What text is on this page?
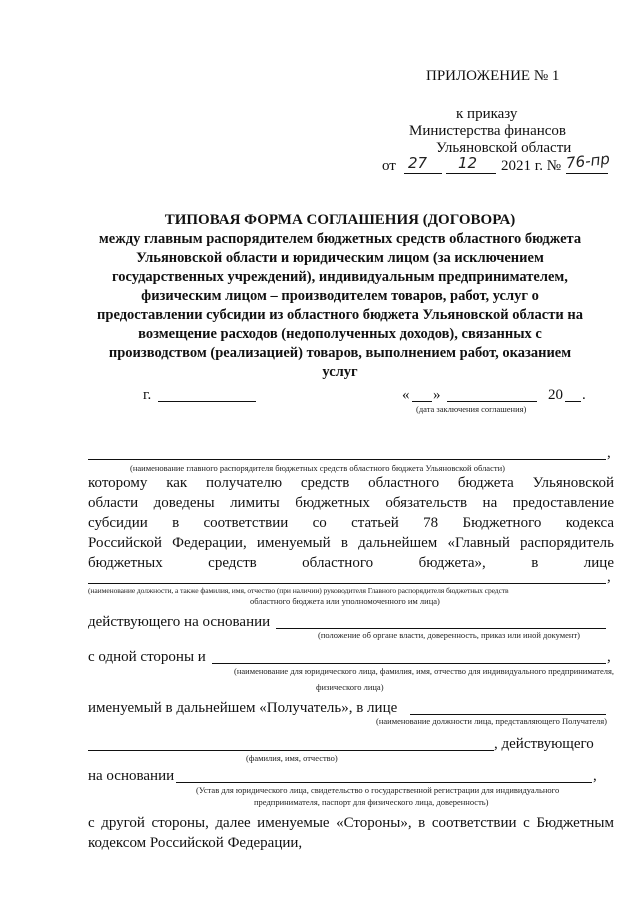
ПРИЛОЖЕНИЕ № 1
к приказу
Министерства финансов
Ульяновской области
от 27 12 2021 г. № 76-пр
ТИПОВАЯ ФОРМА СОГЛАШЕНИЯ (ДОГОВОРА)
между главным распорядителем бюджетных средств областного бюджета
Ульяновской области и юридическим лицом (за исключением
государственных учреждений), индивидуальным предпринимателем,
физическим лицом – производителем товаров, работ, услуг о
предоставлении субсидии из областного бюджета Ульяновской области на
возмещение расходов (недополученных доходов), связанных с
производством (реализацией) товаров, выполнением работ, оказанием
услуг
г.	« »	20 .
(дата заключения соглашения)
,
(наименование главного распорядителя бюджетных средств областного бюджета Ульяновской области)
которому как получателю средств областного бюджета Ульяновской
области доведены лимиты бюджетных обязательств на предоставление
субсидии в соответствии со статьей 78 Бюджетного кодекса
Российской Федерации, именуемый в дальнейшем «Главный распорядитель
бюджетных средств областного бюджета», в лице
,
(наименование должности, а также фамилия, имя, отчество (при наличии) руководителя Главного распорядителя бюджетных средств
областного бюджета или уполномоченного им лица)
действующего на основании
(положение об органе власти, доверенность, приказ или иной документ)
с одной стороны и	,
(наименование для юридического лица, фамилия, имя, отчество для индивидуального предпринимателя,
физического лица)
именуемый в дальнейшем «Получатель», в лице
(наименование должности лица, представляющего Получателя)
, действующего
(фамилия, имя, отчество)
на основании	,
(Устав для юридического лица, свидетельство о государственной регистрации для индивидуального
предпринимателя, паспорт для физического лица, доверенность)
с другой стороны, далее именуемые «Стороны», в соответствии с Бюджетным
кодексом Российской Федерации,
